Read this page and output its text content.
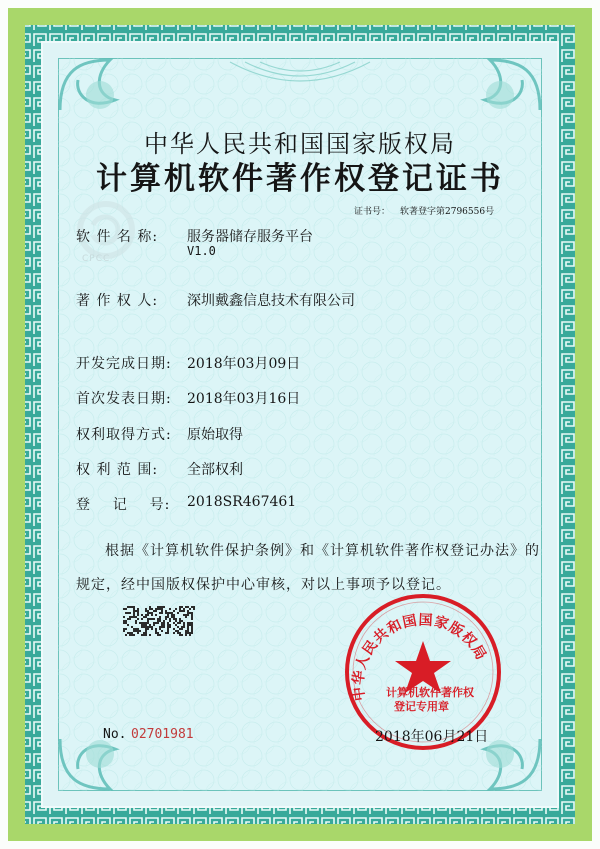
CPCC
中华人民共和国国家版权局
计算机软件著作权登记证书
证书号： 软著登字第2796556号
软 件 名 称: 服务器储存服务平台
V1.0
著 作 权 人: 深圳戴鑫信息技术有限公司
开发完成日期: 2018年03月09日
首次发表日期: 2018年03月16日
权利取得方式: 原始取得
权 利 范 围: 全部权利
登    记    号: 2018SR467461
根据《计算机软件保护条例》和《计算机软件著作权登记办法》的
规定，经中国版权保护中心审核，对以上事项予以登记。
中华人民共和国国家版权局
计算机软件著作权
登记专用章
No. 02701981	2018年06月21日
